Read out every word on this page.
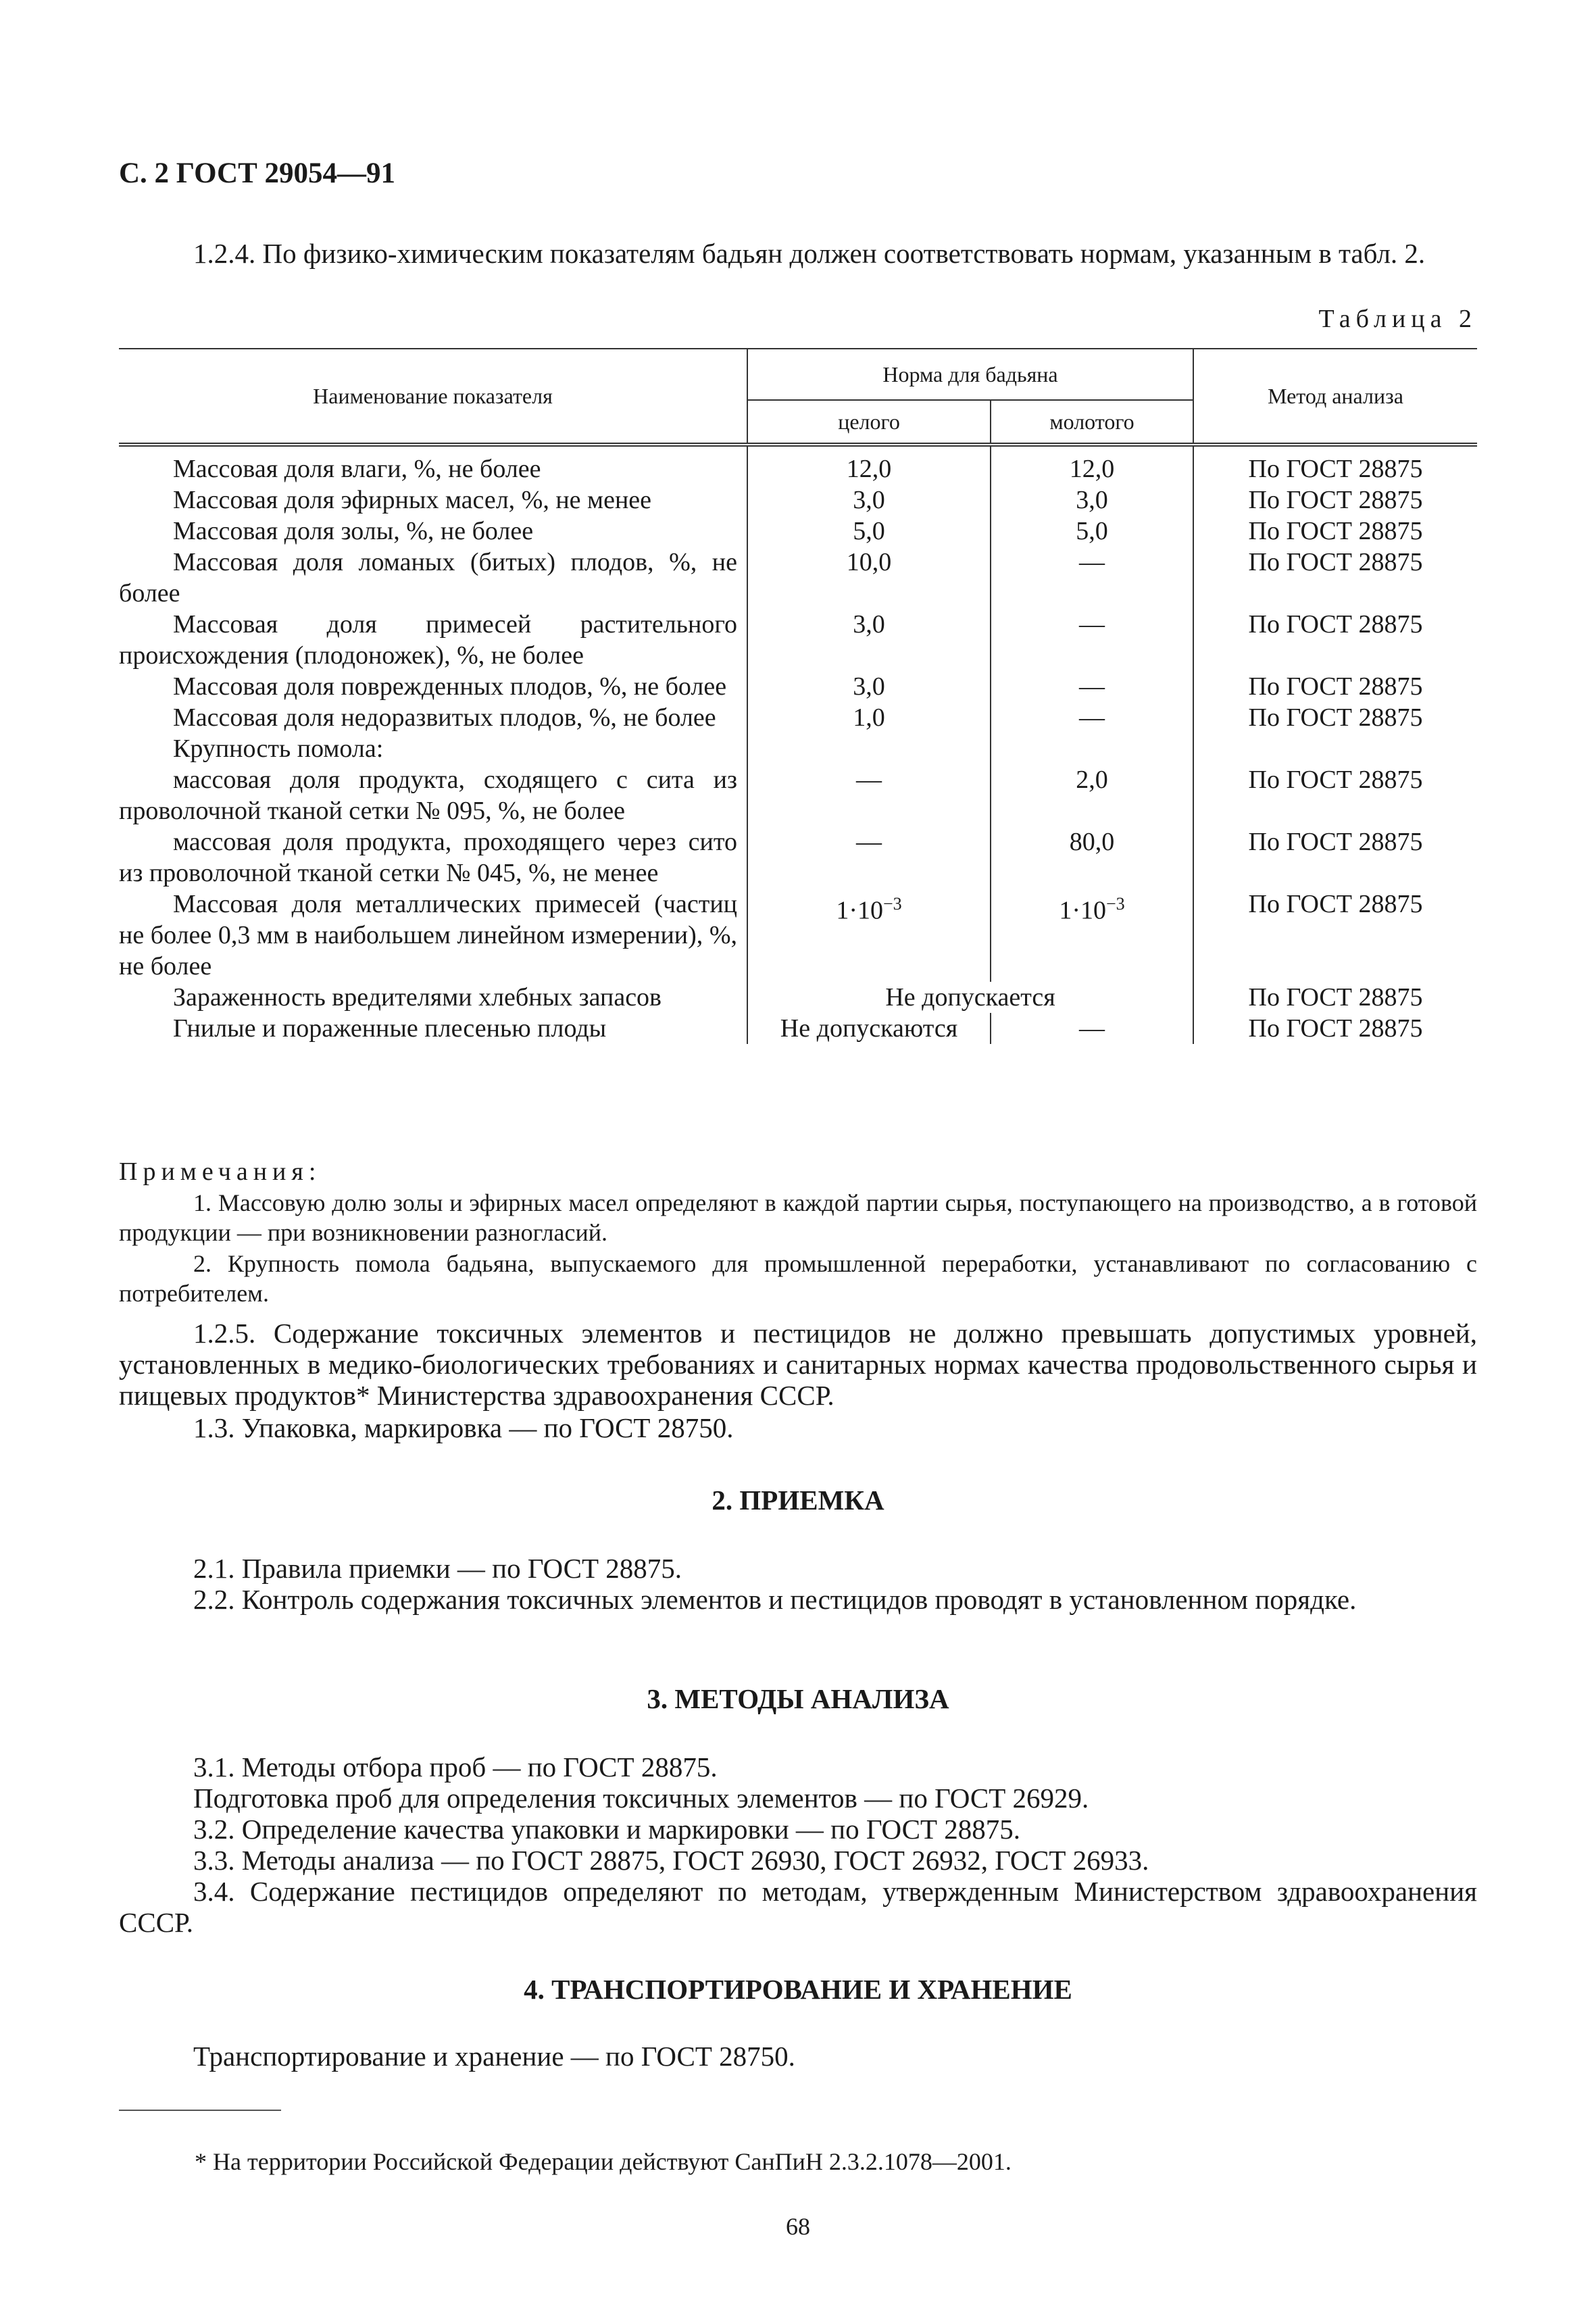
С. 2 ГОСТ 29054—91
1.2.4. По физико-химическим показателям бадьян должен соответствовать нормам, указанным в табл. 2.
Таблица 2
Наименование показателя	Норма для бадьяна		Метод анализа
	целого	молотого	
Массовая доля влаги, %, не более	12,0	12,0	По ГОСТ 28875
Массовая доля эфирных масел, %, не менее	3,0	3,0	По ГОСТ 28875
Массовая доля золы, %, не более	5,0	5,0	По ГОСТ 28875
Массовая доля ломаных (битых) плодов, %, не более	10,0	—	По ГОСТ 28875
Массовая доля примесей растительного происхождения (плодоножек), %, не более	3,0	—	По ГОСТ 28875
Массовая доля поврежденных плодов, %, не более	3,0	—	По ГОСТ 28875
Массовая доля недоразвитых плодов, %, не более	1,0	—	По ГОСТ 28875
Крупность помола:			
массовая доля продукта, сходящего с сита из проволочной тканой сетки № 095, %, не более	—	2,0	По ГОСТ 28875
массовая доля продукта, проходящего через сито из проволочной тканой сетки № 045, %, не менее	—	80,0	По ГОСТ 28875
Массовая доля металлических примесей (частиц не более 0,3 мм в наибольшем линейном измерении), %, не более	$1\cdot 10^{-3}$	$1\cdot 10^{-3}$	По ГОСТ 28875
Зараженность вредителями хлебных запасов	Не допускается		По ГОСТ 28875
Гнилые и пораженные плесенью плоды	Не допускаются	—	По ГОСТ 28875
Примечания:
1. Массовую долю золы и эфирных масел определяют в каждой партии сырья, поступающего на производство, а в готовой продукции — при возникновении разногласий.
2. Крупность помола бадьяна, выпускаемого для промышленной переработки, устанавливают по согласованию с потребителем.
1.2.5. Содержание токсичных элементов и пестицидов не должно превышать допустимых уровней, установленных в медико-биологических требованиях и санитарных нормах качества продовольственного сырья и пищевых продуктов* Министерства здравоохранения СССР.
1.3. Упаковка, маркировка — по ГОСТ 28750.
2. ПРИЕМКА
2.1. Правила приемки — по ГОСТ 28875.
2.2. Контроль содержания токсичных элементов и пестицидов проводят в установленном порядке.
3. МЕТОДЫ АНАЛИЗА
3.1. Методы отбора проб — по ГОСТ 28875.
Подготовка проб для определения токсичных элементов — по ГОСТ 26929.
3.2. Определение качества упаковки и маркировки — по ГОСТ 28875.
3.3. Методы анализа — по ГОСТ 28875, ГОСТ 26930, ГОСТ 26932, ГОСТ 26933.
3.4. Содержание пестицидов определяют по методам, утвержденным Министерством здравоохранения СССР.
4. ТРАНСПОРТИРОВАНИЕ И ХРАНЕНИЕ
Транспортирование и хранение — по ГОСТ 28750.
* На территории Российской Федерации действуют СанПиН 2.3.2.1078—2001.
68
